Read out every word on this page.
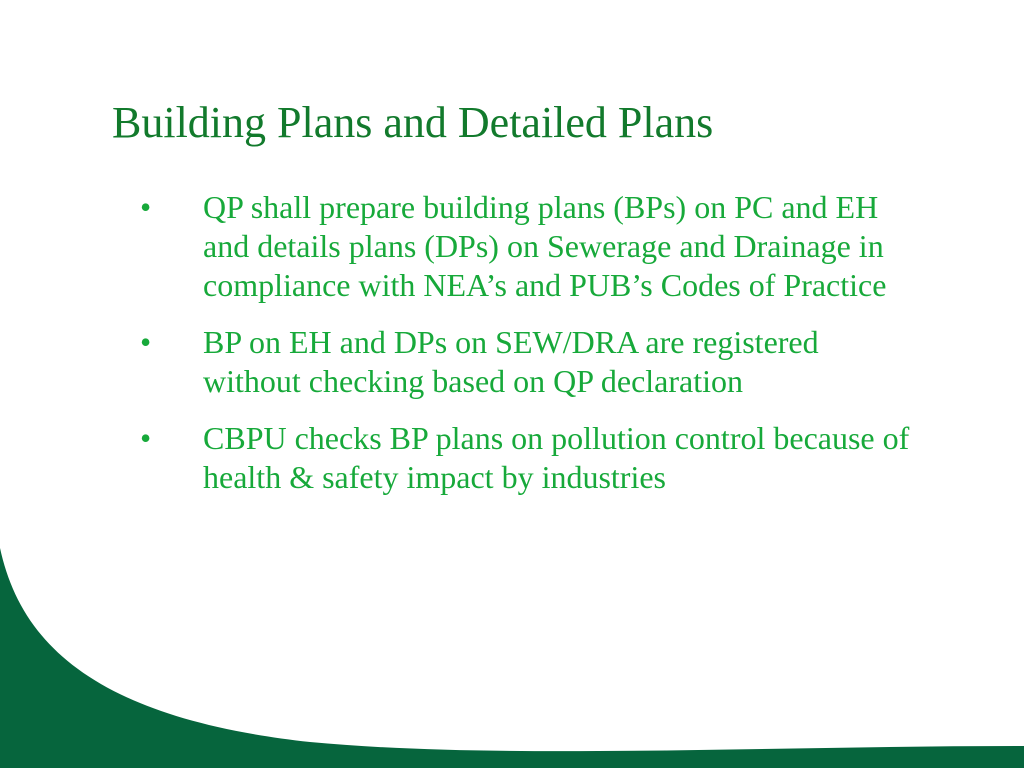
Building Plans and Detailed Plans
•	QP shall prepare building plans (BPs) on PC and EH and details plans (DPs) on Sewerage and Drainage in compliance with NEA’s and PUB’s Codes of Practice
•	BP on EH and DPs on SEW/DRA are registered without checking based on QP declaration
•	CBPU checks BP plans on pollution control because of health & safety impact by industries
